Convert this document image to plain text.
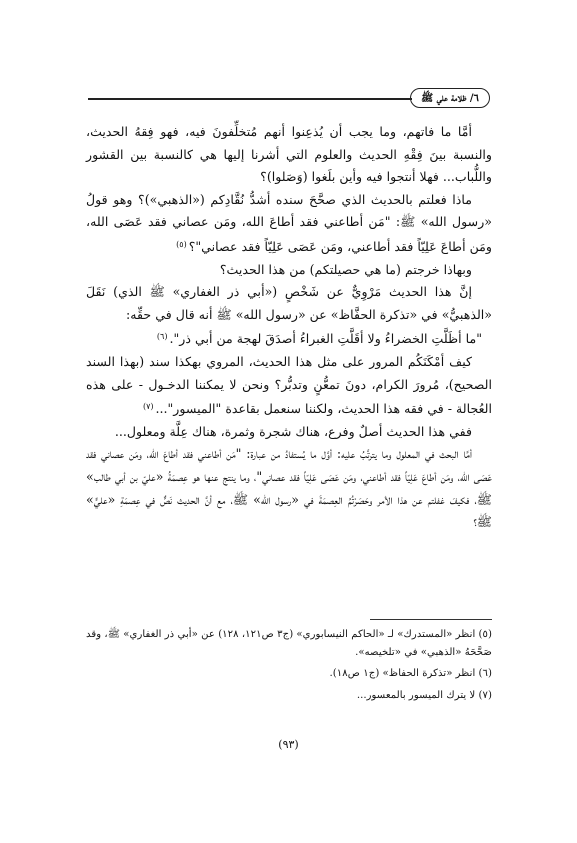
٦/ ظلامة علي ﷺ

أمَّا ما فاتهم، وما يجب أن يُذعِنوا أنهم مُتخلِّفونَ فيه، فهو فِقهُ الحديث، والنسبة بينَ فِقْهِ الحديث والعلوم التي أشرنا إليها هي كالنسبة بين القشور واللُّباب... فهلا أنتجوا فيه وأين بلَغوا (وَصَلوا)؟

ماذا فعلتم بالحديث الذي صحَّحَ سنده أشدُّ نُقَّادِكم («الذهبي»)؟ وهو قولُ «رسول الله» ﷺ: "مَن أطاعني فقد أطاعَ الله، ومَن عصاني فقد عَصَى الله، ومَن أطاعَ عَلِيّاً فقد أطاعني، ومَن عَصَى عَلِيّاً فقد عصاني"؟$^{(٥)}$

وبهاذا خرجتم (ما هي حصيلتكم) من هذا الحديث؟

إنَّ هذا الحديث مَرْوِيٌّ عن شَخْصٍ («أبي ذر الغفاري» ﷺ الذي) نَقَلَ «الذهبيُّ» في «تذكرة الحفَّاظ» عن «رسول الله» ﷺ أنه قال في حقِّه:

"ما أظَلَّتِ الخضراءُ ولا أقَلَّتِ الغبراءُ أصدَقَ لهجة من أبي ذر".$^{(٦)}$

كيف أمْكَنَكُم المرور على مثل هذا الحديث، المروي بهكذا سند (بهذا السند الصحيح)، مُرورَ الكرام، دونَ تمعُّنٍ وتدبُّر؟ ونحن لا يمكننا الدخـول - على هذه العُجالة - في فقه هذا الحديث، ولكننا سنعمل بقاعدة "الميسور"...$^{(٧)}$

ففي هذا الحديث أصلٌ وفرع، هناك شجرة وثمرة، هناك عِلَّة ومعلول...

أمَّا البحث في المعلول وما يترتَّبُ عليه: أوَّل ما يُستفادُ من عبارة: "مَن أطاعني فقد أطاعَ الله، ومَن عصاني فقد عَصَى الله، ومَن أطاعَ عَلِيّاً فقد أطاعني، ومَن عَصَى عَلِيّاً فقد عصاني"، وما ينتج عنها هو عِصمَةُ «عليّ بن أبي طالب» ﷺ، فكيفَ غفلتم عن هذا الأمر وحَصَرْتُمُ العِصمَةَ في «رسول الله» ﷺ، مع أنَّ الحديث نَصٌّ في عِصمَةِ «عليٍّ» ﷺ؟

(٥) انظر «المستدرك» لـ «الحاكم النيسابوري» (ج٣ ص١٢١، ١٢٨) عن «أبي ذر الغفاري» ﷺ، وقد صَحَّحَهُ «الذهبي» في «تلخيصه».

(٦) انظر «تذكرة الحفاظ» (ج١ ص١٨).

(٧) لا يترك الميسور بالمعسور...

(٩٣)
